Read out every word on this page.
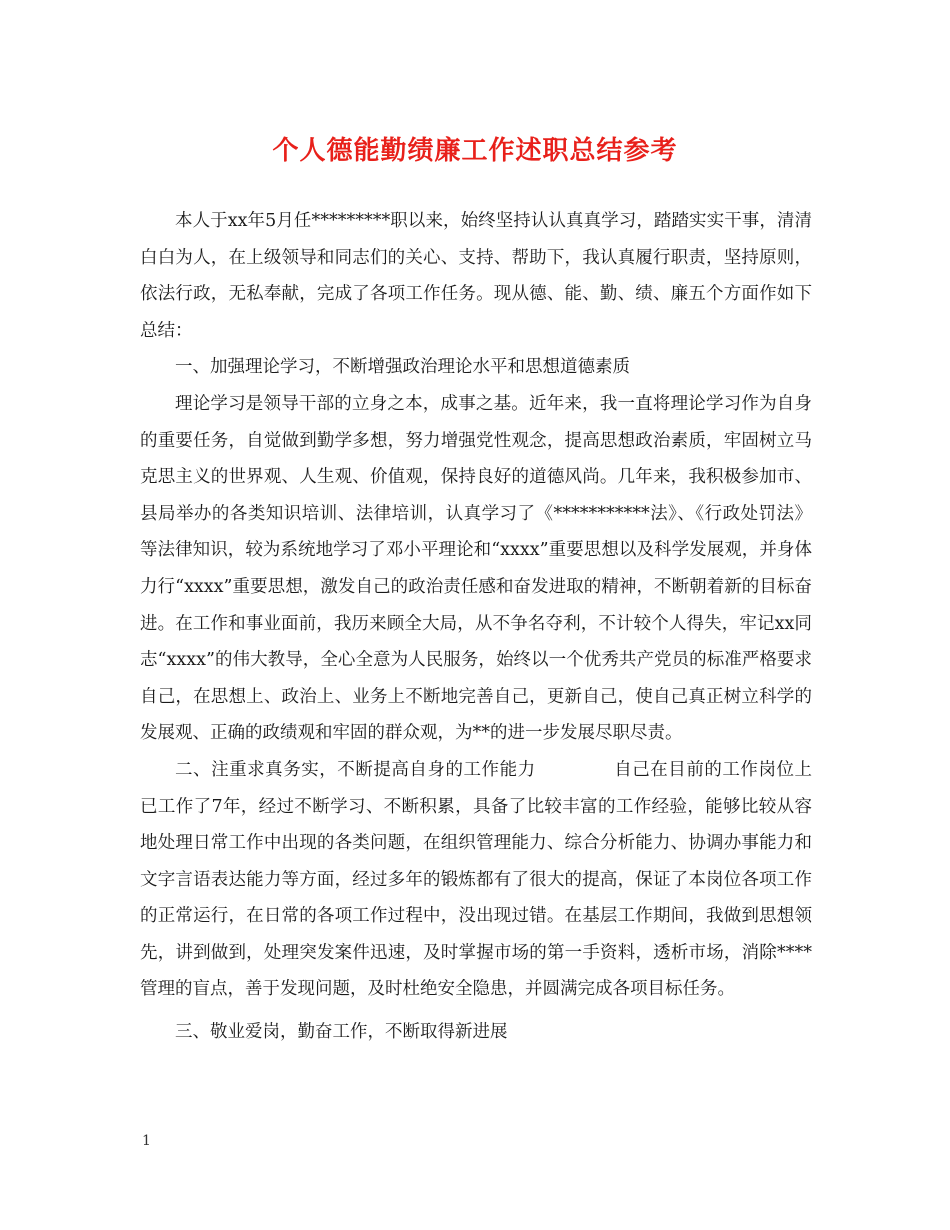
个人德能勤绩廉工作述职总结参考

本人于xx年5月任*********职以来，始终坚持认认真真学习，踏踏实实干事，清清白白为人，在上级领导和同志们的关心、支持、帮助下，我认真履行职责，坚持原则，依法行政，无私奉献，完成了各项工作任务。现从德、能、勤、绩、廉五个方面作如下总结：

一、加强理论学习，不断增强政治理论水平和思想道德素质

理论学习是领导干部的立身之本，成事之基。近年来，我一直将理论学习作为自身的重要任务，自觉做到勤学多想，努力增强党性观念，提高思想政治素质，牢固树立马克思主义的世界观、人生观、价值观，保持良好的道德风尚。几年来，我积极参加市、县局举办的各类知识培训、法律培训，认真学习了《***********法》、《行政处罚法》等法律知识，较为系统地学习了邓小平理论和“xxxx”重要思想以及科学发展观，并身体力行“xxxx”重要思想，激发自己的政治责任感和奋发进取的精神，不断朝着新的目标奋进。在工作和事业面前，我历来顾全大局，从不争名夺利，不计较个人得失，牢记xx同志“xxxx”的伟大教导，全心全意为人民服务，始终以一个优秀共产党员的标准严格要求自己，在思想上、政治上、业务上不断地完善自己，更新自己，使自己真正树立科学的发展观、正确的政绩观和牢固的群众观，为**的进一步发展尽职尽责。

二、注重求真务实，不断提高自身的工作能力	自己在目前的工作岗位上已工作了7年，经过不断学习、不断积累，具备了比较丰富的工作经验，能够比较从容地处理日常工作中出现的各类问题，在组织管理能力、综合分析能力、协调办事能力和文字言语表达能力等方面，经过多年的锻炼都有了很大的提高，保证了本岗位各项工作的正常运行，在日常的各项工作过程中，没出现过错。在基层工作期间，我做到思想领先，讲到做到，处理突发案件迅速，及时掌握市场的第一手资料，透析市场，消除****管理的盲点，善于发现问题，及时杜绝安全隐患，并圆满完成各项目标任务。

三、敬业爱岗，勤奋工作，不断取得新进展

1
